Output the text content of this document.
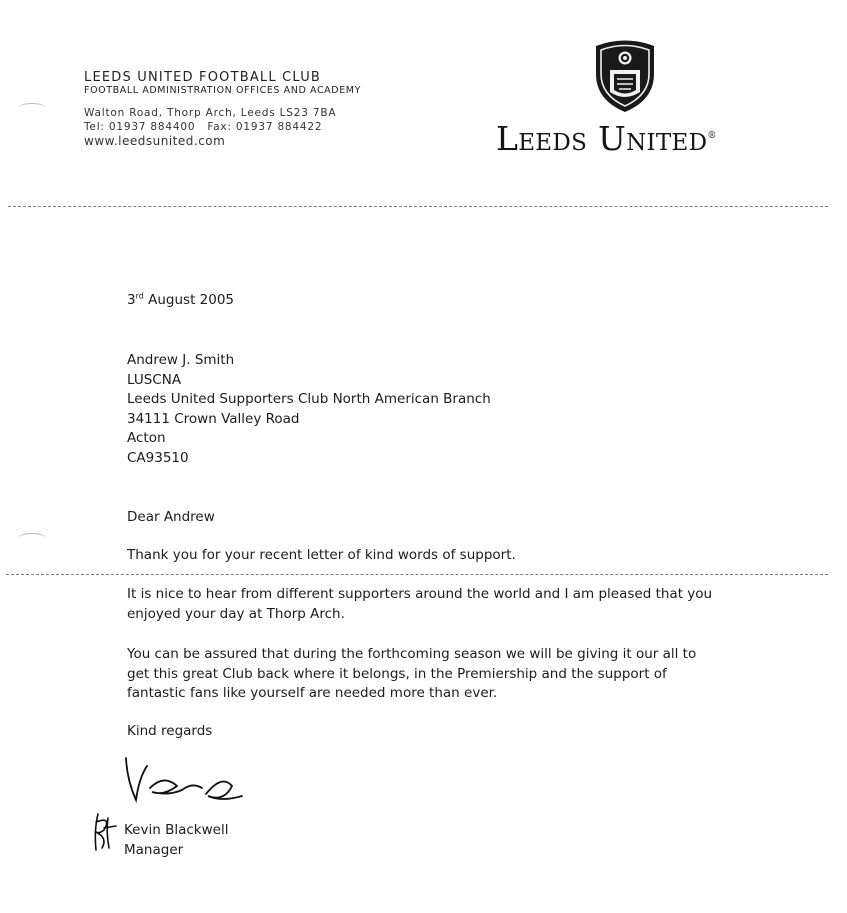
LEEDS UNITED FOOTBALL CLUB
FOOTBALL ADMINISTRATION OFFICES AND ACADEMY
Walton Road, Thorp Arch, Leeds LS23 7BA
Tel: 01937 884400 Fax: 01937 884422
www.leedsunited.com	Leeds United®
3rd August 2005
Andrew J. Smith
LUSCNA
Leeds United Supporters Club North American Branch
34111 Crown Valley Road
Acton
CA93510
Dear Andrew
Thank you for your recent letter of kind words of support.
It is nice to hear from different supporters around the world and I am pleased that you
enjoyed your day at Thorp Arch.
You can be assured that during the forthcoming season we will be giving it our all to
get this great Club back where it belongs, in the Premiership and the support of
fantastic fans like yourself are needed more than ever.
Kind regards
Kevin Blackwell
Manager
